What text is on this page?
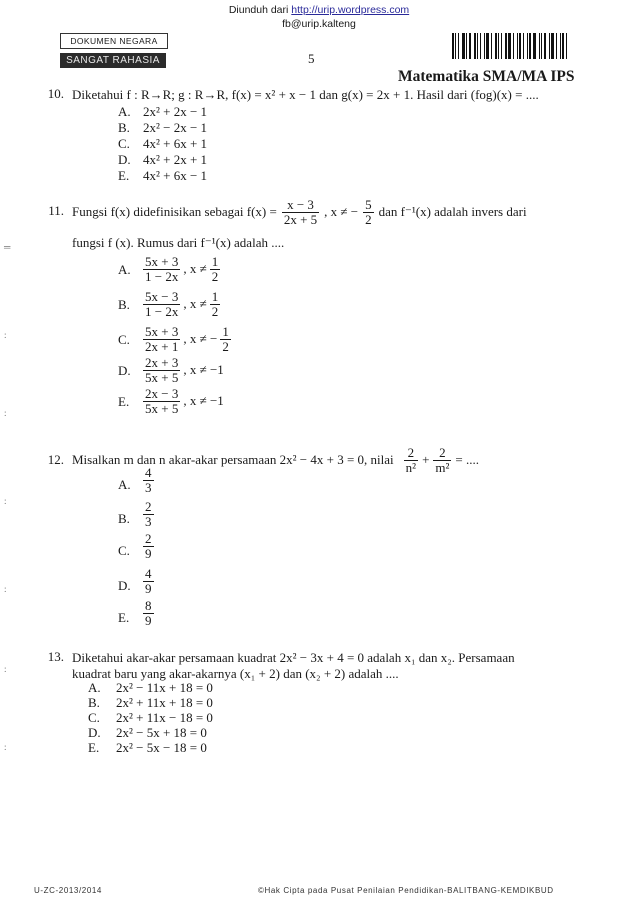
Diunduh dari http://urip.wordpress.com
fb@urip.kalteng
DOKUMEN NEGARA
SANGAT RAHASIA	5
Matematika SMA/MA IPS
10. Diketahui f : R→R; g : R→R, f(x) = x² + x − 1 dan g(x) = 2x + 1. Hasil dari (fog)(x) = ....
A. 2x² + 2x − 1
B. 2x² − 2x − 1
C. 4x² + 6x + 1
D. 4x² + 2x + 1
E. 4x² + 6x − 1
11. Fungsi f(x) didefinisikan sebagai $f(x) = \frac{x - 3}{2x + 5}$ , x ≠ − $\frac{5}{2}$ dan f⁻¹(x) adalah invers dari
fungsi f (x). Rumus dari f⁻¹(x) adalah ....
A. $\frac{5x + 3}{1 - 2x}$ , $x \ne \frac{1}{2}$
B. $\frac{5x - 3}{1 - 2x}$ , $x \ne \frac{1}{2}$
C. $\frac{5x + 3}{2x + 1}$ , x ≠ − $\frac{1}{2}$
D. $\frac{2x + 3}{5x + 5}$ , x ≠ −1
E. $\frac{2x - 3}{5x + 5}$ , x ≠ −1
12. Misalkan m dan n akar-akar persamaan 2x² − 4x + 3 = 0, nilai $\frac{2}{\text{n²}} + \frac{2}{\text{m²}}$ = ....
A. $\frac{4}{3}$
B. $\frac{2}{3}$
C. $\frac{2}{9}$
D. $\frac{4}{9}$
E. $\frac{8}{9}$
13. Diketahui akar-akar persamaan kuadrat 2x² − 3x + 4 = 0 adalah x₁ dan x₂. Persamaan
kuadrat baru yang akar-akarnya (x₁ + 2) dan (x₂ + 2) adalah ....
A. 2x² − 11x + 18 = 0
B. 2x² + 11x + 18 = 0
C. 2x² + 11x − 18 = 0
D. 2x² − 5x + 18 = 0
E. 2x² − 5x − 18 = 0
═
:
:
:
:
:
:
U-ZC-2013/2014	©Hak Cipta pada Pusat Penilaian Pendidikan-BALITBANG-KEMDIKBUD
